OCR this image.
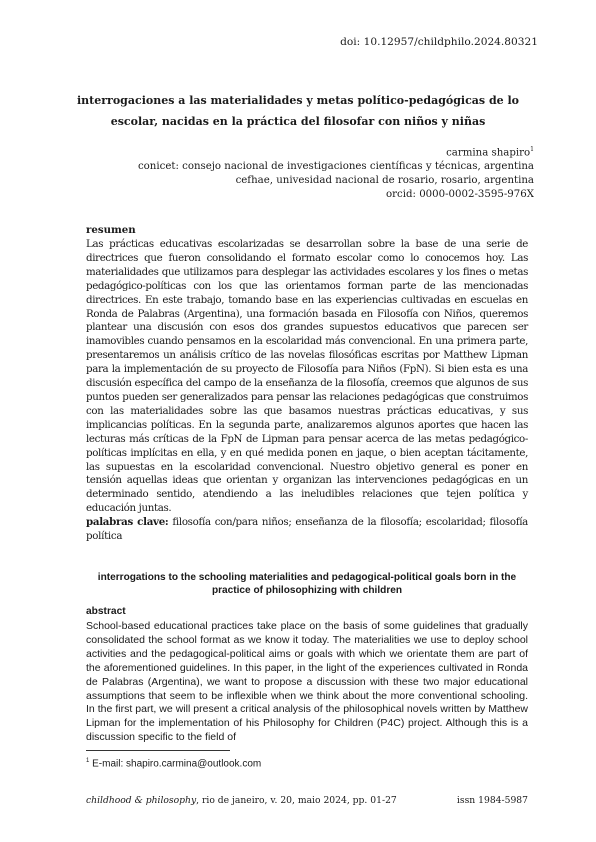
doi: 10.12957/childphilo.2024.80321
interrogaciones a las materialidades y metas político-pedagógicas de lo escolar, nacidas en la práctica del filosofar con niños y niñas
carmina shapiro$^1$
conicet: consejo nacional de investigaciones científicas y técnicas, argentina
cefhae, univesidad nacional de rosario, rosario, argentina
orcid: 0000-0002-3595-976X
resumen
Las prácticas educativas escolarizadas se desarrollan sobre la base de una serie de directrices que fueron consolidando el formato escolar como lo conocemos hoy. Las materialidades que utilizamos para desplegar las actividades escolares y los fines o metas pedagógico-políticas con los que las orientamos forman parte de las mencionadas directrices. En este trabajo, tomando base en las experiencias cultivadas en escuelas en Ronda de Palabras (Argentina), una formación basada en Filosofía con Niños, queremos plantear una discusión con esos dos grandes supuestos educativos que parecen ser inamovibles cuando pensamos en la escolaridad más convencional. En una primera parte, presentaremos un análisis crítico de las novelas filosóficas escritas por Matthew Lipman para la implementación de su proyecto de Filosofía para Niños (FpN). Si bien esta es una discusión específica del campo de la enseñanza de la filosofía, creemos que algunos de sus puntos pueden ser generalizados para pensar las relaciones pedagógicas que construimos con las materialidades sobre las que basamos nuestras prácticas educativas, y sus implicancias políticas. En la segunda parte, analizaremos algunos aportes que hacen las lecturas más críticas de la FpN de Lipman para pensar acerca de las metas pedagógico-políticas implícitas en ella, y en qué medida ponen en jaque, o bien aceptan tácitamente, las supuestas en la escolaridad convencional. Nuestro objetivo general es poner en tensión aquellas ideas que orientan y organizan las intervenciones pedagógicas en un determinado sentido, atendiendo a las ineludibles relaciones que tejen política y educación juntas.
palabras clave: filosofía con/para niños; enseñanza de la filosofía; escolaridad; filosofía política
interrogations to the schooling materialities and pedagogical-political goals born in the practice of philosophizing with children
abstract
School-based educational practices take place on the basis of some guidelines that gradually consolidated the school format as we know it today. The materialities we use to deploy school activities and the pedagogical-political aims or goals with which we orientate them are part of the aforementioned guidelines. In this paper, in the light of the experiences cultivated in Ronda de Palabras (Argentina), we want to propose a discussion with these two major educational assumptions that seem to be inflexible when we think about the more conventional schooling. In the first part, we will present a critical analysis of the philosophical novels written by Matthew Lipman for the implementation of his Philosophy for Children (P4C) project. Although this is a discussion specific to the field of
$^1$ E-mail: shapiro.carmina@outlook.com
childhood & philosophy, rio de janeiro, v. 20, maio 2024, pp. 01-27	issn 1984-5987
